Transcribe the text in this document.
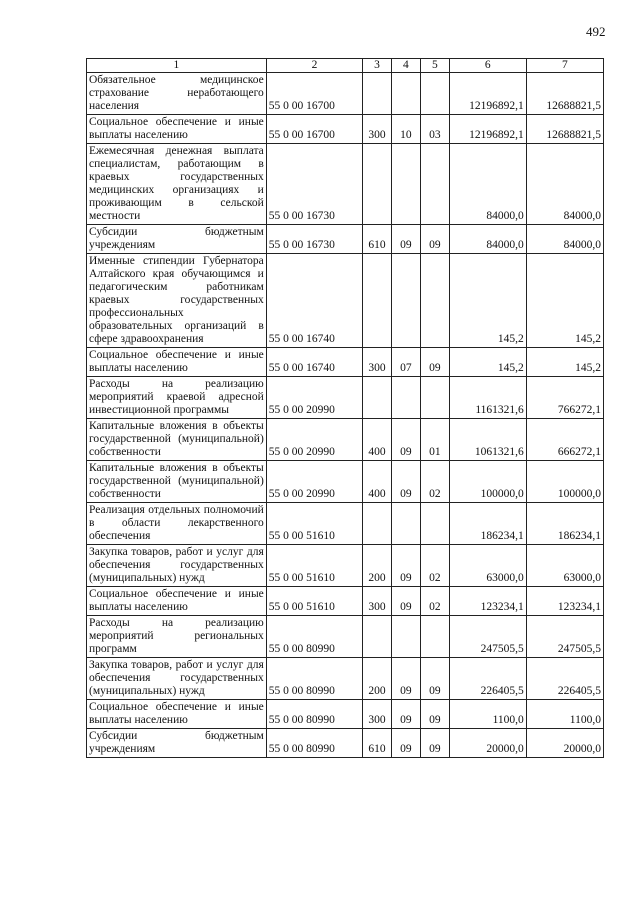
492
1	2	3	4	5	6	7
Обязательное медицинское страхование неработающего населения	55 0 00 16700				12196892,1	12688821,5
Социальное обеспечение и иные выплаты населению	55 0 00 16700	300	10	03	12196892,1	12688821,5
Ежемесячная денежная выплата специалистам, работающим в краевых государственных медицинских организациях и проживающим в сельской местности	55 0 00 16730				84000,0	84000,0
Субсидии бюджетным учреждениям	55 0 00 16730	610	09	09	84000,0	84000,0
Именные стипендии Губернатора Алтайского края обучающимся и педагогическим работникам краевых государственных профессиональных образовательных организаций в сфере здравоохранения	55 0 00 16740				145,2	145,2
Социальное обеспечение и иные выплаты населению	55 0 00 16740	300	07	09	145,2	145,2
Расходы на реализацию мероприятий краевой адресной инвестиционной программы	55 0 00 20990				1161321,6	766272,1
Капитальные вложения в объекты государственной (муниципальной) собственности	55 0 00 20990	400	09	01	1061321,6	666272,1
Капитальные вложения в объекты государственной (муниципальной) собственности	55 0 00 20990	400	09	02	100000,0	100000,0
Реализация отдельных полномочий в области лекарственного обеспечения	55 0 00 51610				186234,1	186234,1
Закупка товаров, работ и услуг для обеспечения государственных (муниципальных) нужд	55 0 00 51610	200	09	02	63000,0	63000,0
Социальное обеспечение и иные выплаты населению	55 0 00 51610	300	09	02	123234,1	123234,1
Расходы на реализацию мероприятий региональных программ	55 0 00 80990				247505,5	247505,5
Закупка товаров, работ и услуг для обеспечения государственных (муниципальных) нужд	55 0 00 80990	200	09	09	226405,5	226405,5
Социальное обеспечение и иные выплаты населению	55 0 00 80990	300	09	09	1100,0	1100,0
Субсидии бюджетным учреждениям	55 0 00 80990	610	09	09	20000,0	20000,0
